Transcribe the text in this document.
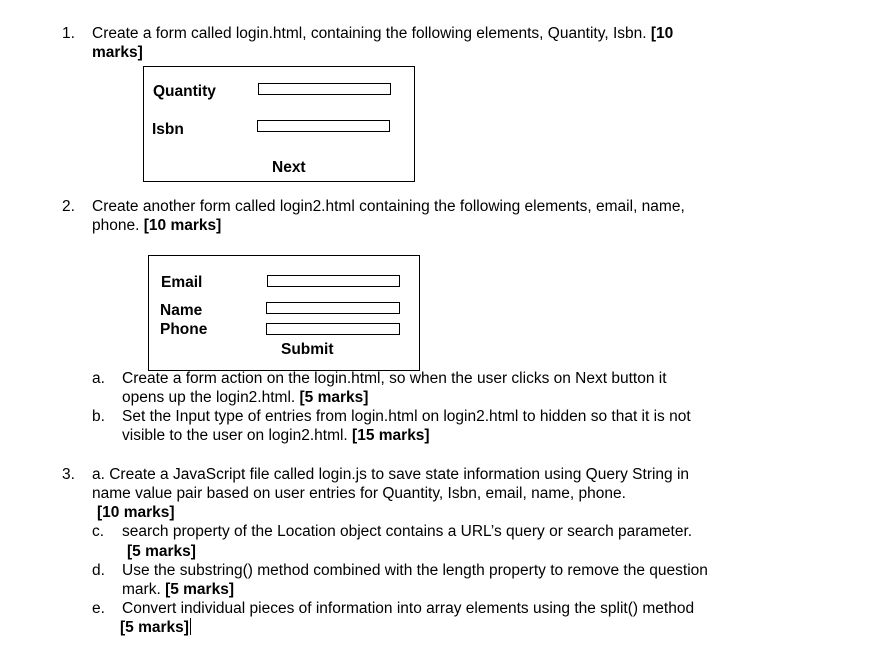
1. Create a form called login.html, containing the following elements, Quantity, Isbn. [10
marks]
Quantity
Isbn
Next
2. Create another form called login2.html containing the following elements, email, name,
phone. [10 marks]
Email
Name
Phone
Submit
a. Create a form action on the login.html, so when the user clicks on Next button it
opens up the login2.html. [5 marks]
b. Set the Input type of entries from login.html on login2.html to hidden so that it is not
visible to the user on login2.html. [15 marks]
3. a. Create a JavaScript file called login.js to save state information using Query String in
name value pair based on user entries for Quantity, Isbn, email, name, phone.
[10 marks]
c. search property of the Location object contains a URL’s query or search parameter.
[5 marks]
d. Use the substring() method combined with the length property to remove the question
mark. [5 marks]
e. Convert individual pieces of information into array elements using the split() method
[5 marks]
